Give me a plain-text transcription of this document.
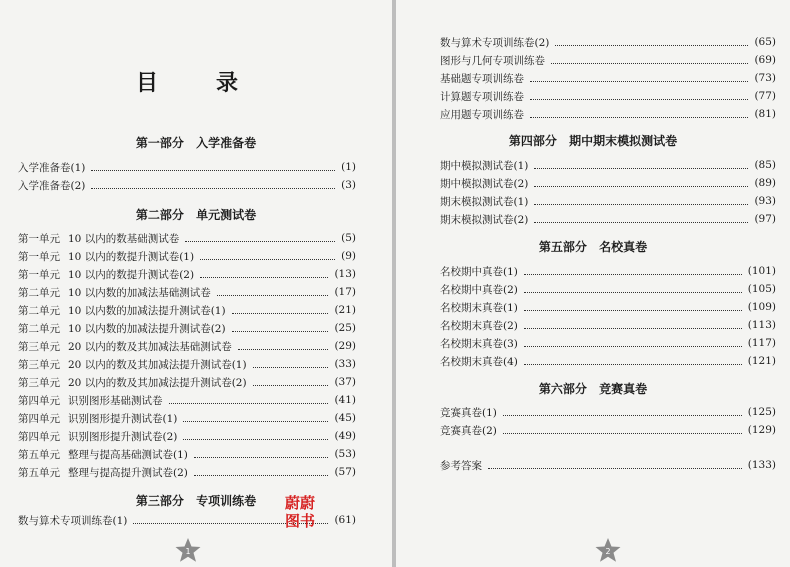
目　录
第一部分 入学准备卷
入学准备卷(1)	(1)
入学准备卷(2)	(3)
第二部分 单元测试卷
第一单元 10 以内的数基础测试卷	(5)
第一单元 10 以内的数提升测试卷(1)	(9)
第一单元 10 以内的数提升测试卷(2)	(13)
第二单元 10 以内数的加减法基础测试卷	(17)
第二单元 10 以内数的加减法提升测试卷(1)	(21)
第二单元 10 以内数的加减法提升测试卷(2)	(25)
第三单元 20 以内的数及其加减法基础测试卷	(29)
第三单元 20 以内的数及其加减法提升测试卷(1)	(33)
第三单元 20 以内的数及其加减法提升测试卷(2)	(37)
第四单元 识别图形基础测试卷	(41)
第四单元 识别图形提升测试卷(1)	(45)
第四单元 识别图形提升测试卷(2)	(49)
第五单元 整理与提高基础测试卷(1)	(53)
第五单元 整理与提高提升测试卷(2)	(57)
第三部分 专项训练卷
数与算术专项训练卷(1)	(61)
蔚蔚
图书
1
数与算术专项训练卷(2)	(65)
图形与几何专项训练卷	(69)
基础题专项训练卷	(73)
计算题专项训练卷	(77)
应用题专项训练卷	(81)
第四部分 期中期末模拟测试卷
期中模拟测试卷(1)	(85)
期中模拟测试卷(2)	(89)
期末模拟测试卷(1)	(93)
期末模拟测试卷(2)	(97)
第五部分 名校真卷
名校期中真卷(1)	(101)
名校期中真卷(2)	(105)
名校期末真卷(1)	(109)
名校期末真卷(2)	(113)
名校期末真卷(3)	(117)
名校期末真卷(4)	(121)
第六部分 竞赛真卷
竞赛真卷(1)	(125)
竞赛真卷(2)	(129)
参考答案	(133)
2
